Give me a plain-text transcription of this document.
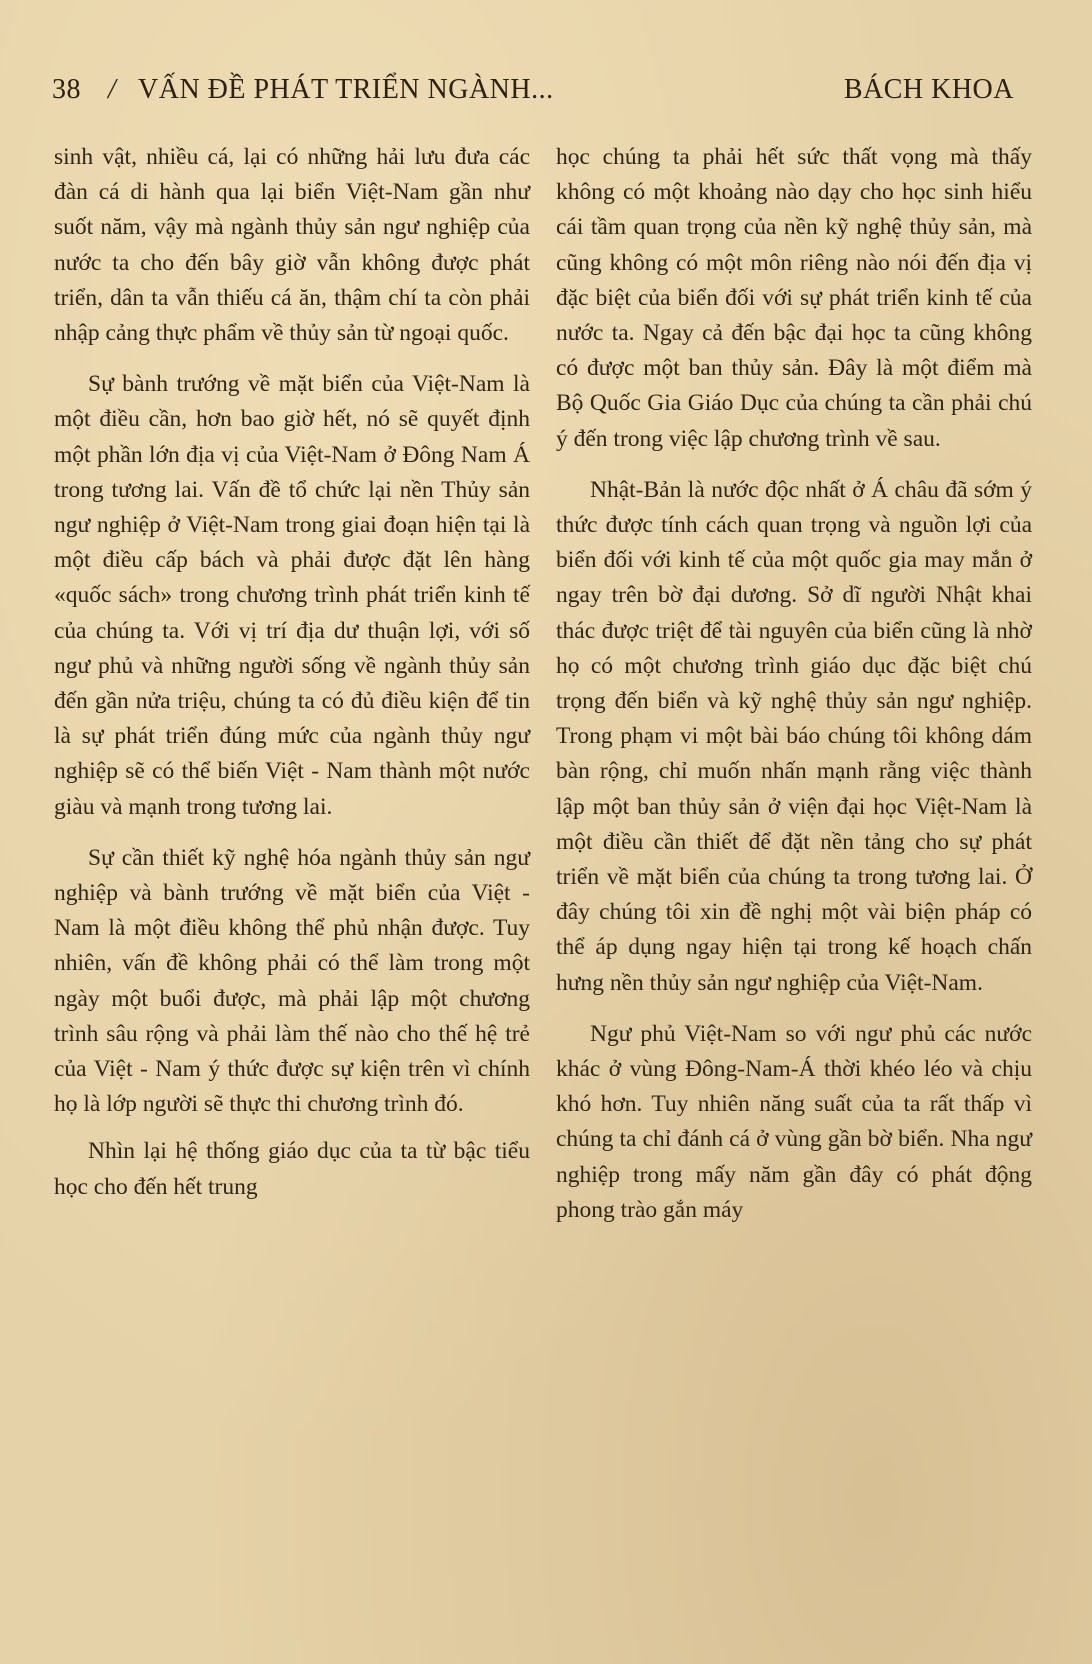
38 / VẤN ĐỀ PHÁT TRIỂN NGÀNH...	BÁCH KHOA

sinh vật, nhiều cá, lại có những hải lưu đưa các đàn cá di hành qua lại biển Việt-Nam gần như suốt năm, vậy mà ngành thủy sản ngư nghiệp của nước ta cho đến bây giờ vẫn không được phát triển, dân ta vẫn thiếu cá ăn, thậm chí ta còn phải nhập cảng thực phẩm về thủy sản từ ngoại quốc.

Sự bành trướng về mặt biển của Việt-Nam là một điều cần, hơn bao giờ hết, nó sẽ quyết định một phần lớn địa vị của Việt-Nam ở Đông Nam Á trong tương lai. Vấn đề tổ chức lại nền Thủy sản ngư nghiệp ở Việt-Nam trong giai đoạn hiện tại là một điều cấp bách và phải được đặt lên hàng «quốc sách» trong chương trình phát triển kinh tế của chúng ta. Với vị trí địa dư thuận lợi, với số ngư phủ và những người sống về ngành thủy sản đến gần nửa triệu, chúng ta có đủ điều kiện để tin là sự phát triển đúng mức của ngành thủy ngư nghiệp sẽ có thể biến Việt - Nam thành một nước giàu và mạnh trong tương lai.

Sự cần thiết kỹ nghệ hóa ngành thủy sản ngư nghiệp và bành trướng về mặt biển của Việt - Nam là một điều không thể phủ nhận được. Tuy nhiên, vấn đề không phải có thể làm trong một ngày một buổi được, mà phải lập một chương trình sâu rộng và phải làm thế nào cho thế hệ trẻ của Việt - Nam ý thức được sự kiện trên vì chính họ là lớp người sẽ thực thi chương trình đó.

Nhìn lại hệ thống giáo dục của ta từ bậc tiểu học cho đến hết trung

học chúng ta phải hết sức thất vọng mà thấy không có một khoảng nào dạy cho học sinh hiểu cái tầm quan trọng của nền kỹ nghệ thủy sản, mà cũng không có một môn riêng nào nói đến địa vị đặc biệt của biển đối với sự phát triển kinh tế của nước ta. Ngay cả đến bậc đại học ta cũng không có được một ban thủy sản. Đây là một điểm mà Bộ Quốc Gia Giáo Dục của chúng ta cần phải chú ý đến trong việc lập chương trình về sau.

Nhật-Bản là nước độc nhất ở Á châu đã sớm ý thức được tính cách quan trọng và nguồn lợi của biển đối với kinh tế của một quốc gia may mắn ở ngay trên bờ đại dương. Sở dĩ người Nhật khai thác được triệt để tài nguyên của biển cũng là nhờ họ có một chương trình giáo dục đặc biệt chú trọng đến biển và kỹ nghệ thủy sản ngư nghiệp. Trong phạm vi một bài báo chúng tôi không dám bàn rộng, chỉ muốn nhấn mạnh rằng việc thành lập một ban thủy sản ở viện đại học Việt-Nam là một điều cần thiết để đặt nền tảng cho sự phát triển về mặt biển của chúng ta trong tương lai. Ở đây chúng tôi xin đề nghị một vài biện pháp có thể áp dụng ngay hiện tại trong kế hoạch chấn hưng nền thủy sản ngư nghiệp của Việt-Nam.

Ngư phủ Việt-Nam so với ngư phủ các nước khác ở vùng Đông-Nam-Á thời khéo léo và chịu khó hơn. Tuy nhiên năng suất của ta rất thấp vì chúng ta chỉ đánh cá ở vùng gần bờ biển. Nha ngư nghiệp trong mấy năm gần đây có phát động phong trào gắn máy
